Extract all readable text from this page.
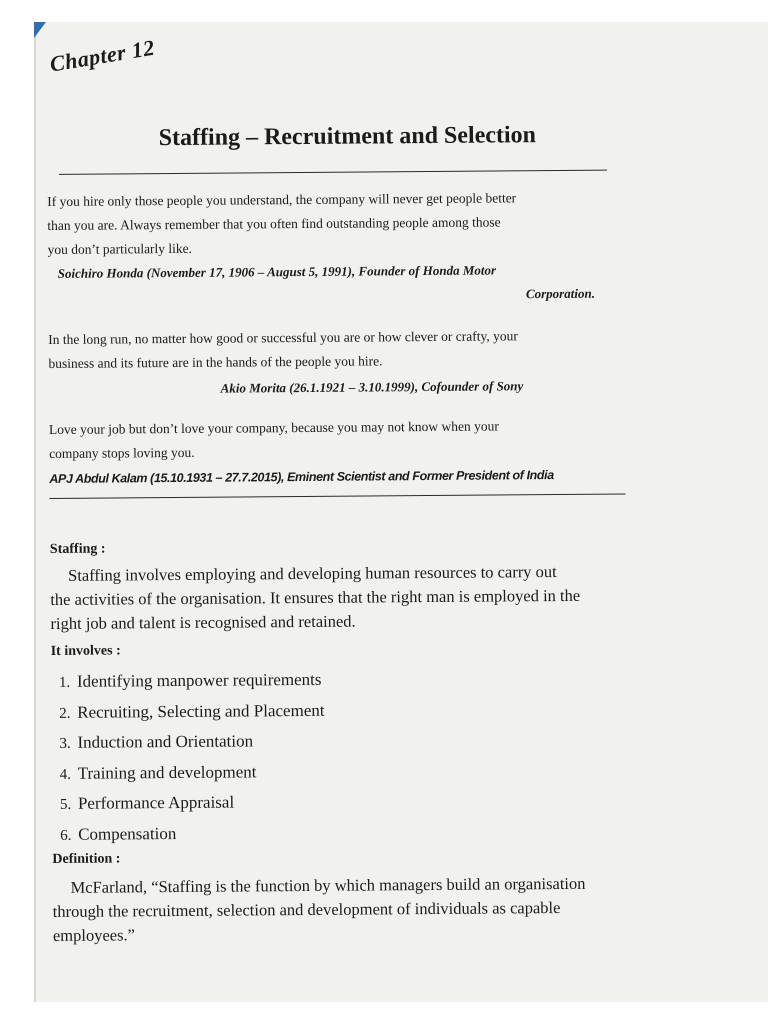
Chapter 12
Staffing – Recruitment and Selection
If you hire only those people you understand, the company will never get people better
than you are. Always remember that you often find outstanding people among those
you don’t particularly like.
Soichiro Honda (November 17, 1906 – August 5, 1991), Founder of Honda Motor
Corporation.
In the long run, no matter how good or successful you are or how clever or crafty, your
business and its future are in the hands of the people you hire.
Akio Morita (26.1.1921 – 3.10.1999), Cofounder of Sony
Love your job but don’t love your company, because you may not know when your
company stops loving you.
APJ Abdul Kalam (15.10.1931 – 27.7.2015), Eminent Scientist and Former President of India
Staffing :
Staffing involves employing and developing human resources to carry out
the activities of the organisation. It ensures that the right man is employed in the
right job and talent is recognised and retained.
It involves :
1. Identifying manpower requirements
2. Recruiting, Selecting and Placement
3. Induction and Orientation
4. Training and development
5. Performance Appraisal
6. Compensation
Definition :
McFarland, “Staffing is the function by which managers build an organisation
through the recruitment, selection and development of individuals as capable
employees.”
